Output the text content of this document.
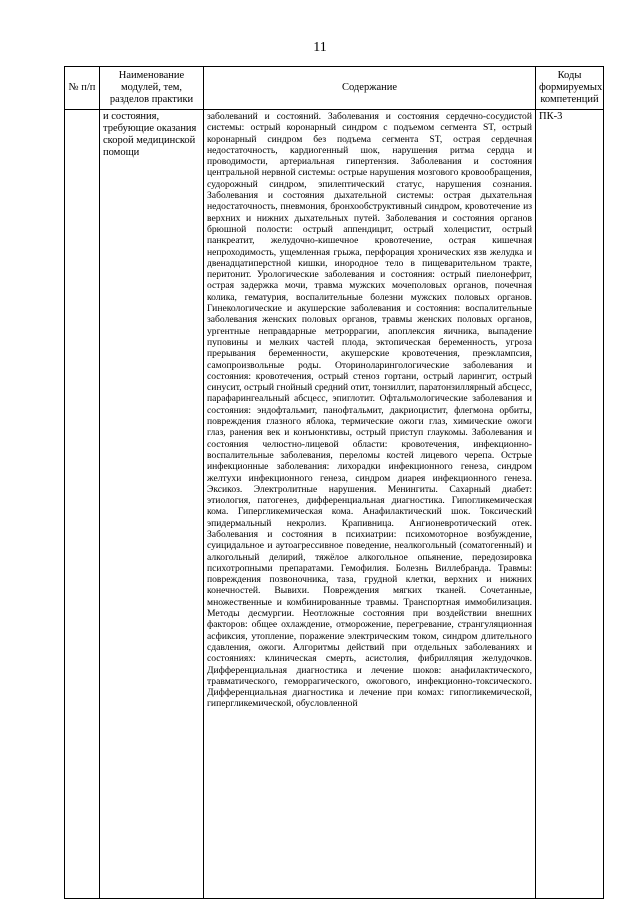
11
№ п/п	Наименование модулей, тем, разделов практики	Содержание	Коды формируемых компетенций
	и состояния, требующие оказания скорой медицинской помощи	заболеваний и состояний. Заболевания и состояния сердечно-сосудистой системы: острый коронарный синдром с подъемом сегмента ST, острый коронарный синдром без подъема сегмента ST, острая сердечная недостаточность, кардиогенный шок, нарушения ритма сердца и проводимости, артериальная гипертензия. Заболевания и состояния центральной нервной системы: острые нарушения мозгового кровообращения, судорожный синдром, эпилептический статус, нарушения сознания. Заболевания и состояния дыхательной системы: острая дыхательная недостаточность, пневмония, бронхообструктивный синдром, кровотечение из верхних и нижних дыхательных путей. Заболевания и состояния органов брюшной полости: острый аппендицит, острый холецистит, острый панкреатит, желудочно-кишечное кровотечение, острая кишечная непроходимость, ущемленная грыжа, перфорация хронических язв желудка и двенадцатиперстной кишки, инородное тело в пищеварительном тракте, перитонит. Урологические заболевания и состояния: острый пиелонефрит, острая задержка мочи, травма мужских мочеполовых органов, почечная колика, гематурия, воспалительные болезни мужских половых органов. Гинекологические и акушерские заболевания и состояния: воспалительные заболевания женских половых органов, травмы женских половых органов, ургентные неправдарные метроррагии, апоплексия яичника, выпадение пуповины и мелких частей плода, эктопическая беременность, угроза прерывания беременности, акушерские кровотечения, преэклампсия, самопроизвольные роды. Оториноларингологические заболевания и состояния: кровотечения, острый стеноз гортани, острый ларингит, острый синусит, острый гнойный средний отит, тонзиллит, паратонзиллярный абсцесс, парафарингеальный абсцесс, эпиглотит. Офтальмологические заболевания и состояния: эндофтальмит, панофтальмит, дакриоцистит, флегмона орбиты, повреждения глазного яблока, термические ожоги глаз, химические ожоги глаз, ранения век и конъюнктивы, острый приступ глаукомы. Заболевания и состояния челюстно-лицевой области: кровотечения, инфекционно-воспалительные заболевания, переломы костей лицевого черепа. Острые инфекционные заболевания: лихорадки инфекционного генеза, синдром желтухи инфекционного генеза, синдром диарея инфекционного генеза. Эксикоз. Электролитные нарушения. Менингиты. Сахарный диабет: этиология, патогенез, дифференциальная диагностика. Гипогликемическая кома. Гипергликемическая кома. Анафилактический шок. Токсический эпидермальный некролиз. Крапивница. Ангионевротический отек. Заболевания и состояния в психиатрии: психомоторное возбуждение, суицидальное и аутоагрессивное поведение, неалкогольный (соматогенный) и алкогольный делирий, тяжёлое алкогольное опьянение, передозировка психотропными препаратами. Гемофилия. Болезнь Виллебранда. Травмы: повреждения позвоночника, таза, грудной клетки, верхних и нижних конечностей. Вывихи. Повреждения мягких тканей. Сочетанные, множественные и комбинированные травмы. Транспортная иммобилизация. Методы десмургии. Неотложные состояния при воздействии внешних факторов: общее охлаждение, отморожение, перегревание, странгуляционная асфиксия, утопление, поражение электрическим током, синдром длительного сдавления, ожоги. Алгоритмы действий при отдельных заболеваниях и состояниях: клиническая смерть, асистолия, фибрилляция желудочков. Дифференциальная диагностика и лечение шоков: анафилактического, травматического, геморрагического, ожогового, инфекционно-токсического. Дифференциальная диагностика и лечение при комах: гипогликемической, гипергликемической, обусловленной	ПК-3
